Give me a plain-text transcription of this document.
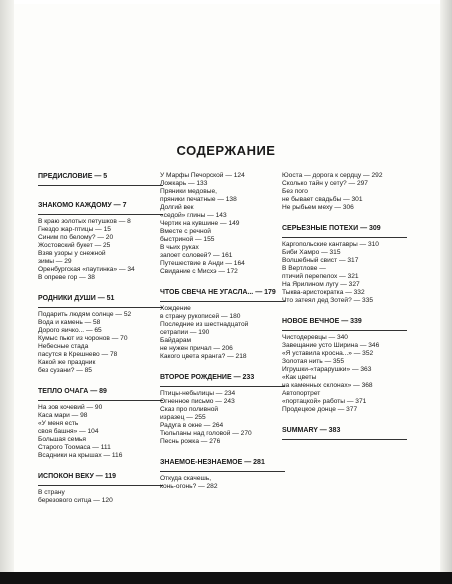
СОДЕРЖАНИЕ
ПРЕДИСЛОВИЕ — 5
ЗНАКОМО КАЖДОМУ — 7
В краю золотых петушков — 8
Гнездо жар-птицы — 15
Синим по белому? — 20
Жостовский букет — 25
Взяв узоры у снежной
зимы — 29
Оренбургская «паутинка» — 34
В опреве гор — 38
РОДНИКИ ДУШИ — 51
Подарить людям солнце — 52
Вода и камень — 58
Дорого яичко... — 65
Кумыс пьют из чоронов — 70
Небесные стада
пасутся в Крешнево — 78
Какой же праздник
без сузани? — 85
ТЕПЛО ОЧАГА — 89
На зов кочевий — 90
Каса мари — 98
«У меня есть
своя башня» — 104
Большая семья
Старого Тоомаса — 111
Всадники на крышах — 116
ИСПОКОН ВЕКУ — 119
В страну
березового ситца — 120
У Марфы Печорской — 124
Ложкарь — 133
Пряники медовые,
пряники печатные — 138
Долгий век
«седой» глины — 143
Чертик на кувшине — 149
Вместе с речной
быстриной — 155
В чьих руках
запоет соловей? — 161
Путешествие в Анди — 164
Свидание с Мисхэ — 172
ЧТОБ СВЕЧА НЕ УГАСЛА... — 179
Хождение
в страну рукописей — 180
Последние из шестнадцатой
сетрапии — 190
Байдарам
не нужен причал — 206
Какого цвета ярангa? — 218
ВТОРОЕ РОЖДЕНИЕ — 233
Птицы-небылицы — 234
Огненное письмо — 243
Сказ про поливной
изразец — 255
Радуга в окне — 264
Тюльпаны над головой — 270
Песнь рожка — 276
ЗНАЕМОЕ-НЕЗНАЕМОЕ — 281
Откуда скачешь,
конь-огонь? — 282
Юоста — дорога к сердцу — 292
Сколько тайн у сету? — 297
Без пого
не бывает свадьбы — 301
Не рыбьем меху — 306
СЕРЬЕЗНЫЕ ПОТЕХИ — 309
Каргопольские кантавры — 310
Биби Хамро — 315
Волшебный свист — 317
В Вертлове —
птичий перепелох — 321
На Ярилином лугу — 327
Тыква-аристократка — 332
Что затеял дед Зотей? — 335
НОВОЕ ВЕЧНОЕ — 339
Чистодеревцы — 340
Завещание усто Ширина — 346
«Я уставила кросна...» — 352
Золотая нить — 355
Игрушки-«тарарушки» — 363
«Как цветы
на каменных склонах» — 368
Автопортрет
«портацкой» работы — 371
Продецкое донце — 377
SUMMARY — 383
